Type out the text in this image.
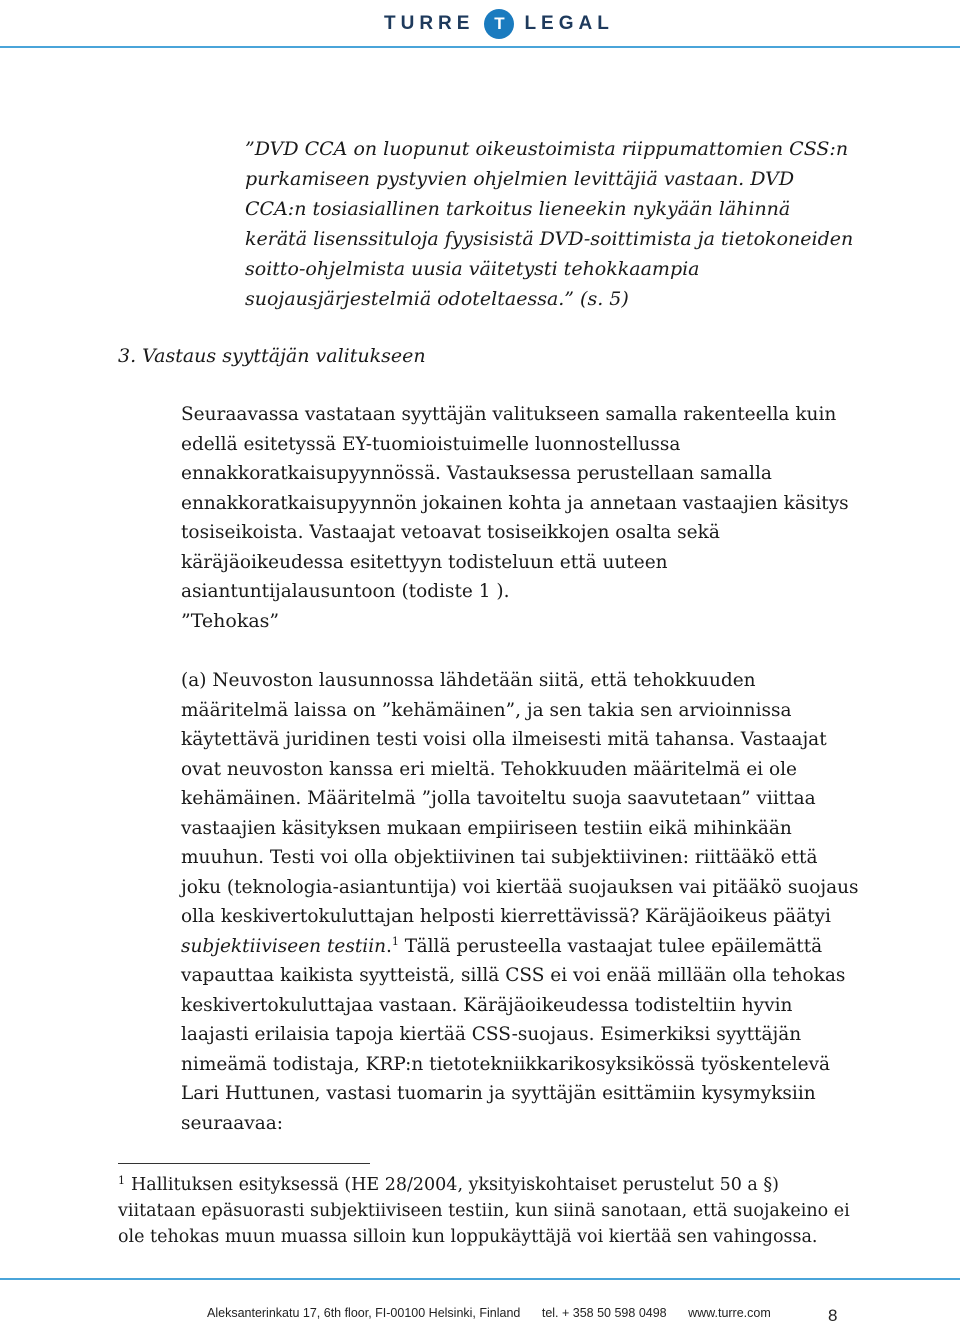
TURRE	T	LEGAL

”DVD CCA on luopunut oikeustoimista riippumattomien CSS:n purkamiseen pystyvien ohjelmien levittäjiä vastaan. DVD CCA:n tosiasiallinen tarkoitus lieneekin nykyään lähinnä kerätä lisenssituloja fyysisistä DVD-soittimista ja tietokoneiden soitto-ohjelmista uusia väitetysti tehokkaampia suojausjärjestelmiä odoteltaessa.” (s. 5)

3. Vastaus syyttäjän valitukseen

Seuraavassa vastataan syyttäjän valitukseen samalla rakenteella kuin edellä esitetyssä EY-tuomioistuimelle luonnostellussa ennakkoratkaisupyynnössä. Vastauksessa perustellaan samalla ennakkoratkaisupyynnön jokainen kohta ja annetaan vastaajien käsitys tosiseikoista. Vastaajat vetoavat tosiseikkojen osalta sekä käräjäoikeudessa esitettyyn todisteluun että uuteen asiantuntijalausuntoon (todiste 1 ).

”Tehokas”

(a) Neuvoston lausunnossa lähdetään siitä, että tehokkuuden määritelmä laissa on ”kehämäinen”, ja sen takia sen arvioinnissa käytettävä juridinen testi voisi olla ilmeisesti mitä tahansa. Vastaajat ovat neuvoston kanssa eri mieltä. Tehokkuuden määritelmä ei ole kehämäinen. Määritelmä ”jolla tavoiteltu suoja saavutetaan” viittaa vastaajien käsityksen mukaan empiiriseen testiin eikä mihinkään muuhun. Testi voi olla objektiivinen tai subjektiivinen: riittääkö että joku (teknologia-asiantuntija) voi kiertää suojauksen vai pitääkö suojaus olla keskivertokuluttajan helposti kierrettävissä? Käräjäoikeus päätyi subjektiiviseen testiin.$^1$ Tällä perusteella vastaajat tulee epäilemättä vapauttaa kaikista syytteistä, sillä CSS ei voi enää millään olla tehokas keskivertokuluttajaa vastaan. Käräjäoikeudessa todisteltiin hyvin laajasti erilaisia tapoja kiertää CSS-suojaus. Esimerkiksi syyttäjän nimeämä todistaja, KRP:n tietotekniikkarikosyksikössä työskentelevä Lari Huttunen, vastasi tuomarin ja syyttäjän esittämiin kysymyksiin seuraavaa:

$^1$ Hallituksen esityksessä (HE 28/2004, yksityiskohtaiset perustelut 50 a §) viitataan epäsuorasti subjektiiviseen testiin, kun siinä sanotaan, että suojakeino ei ole tehokas muun muassa silloin kun loppukäyttäjä voi kiertää sen vahingossa.

Aleksanterinkatu 17, 6th floor, FI-00100 Helsinki, Finland tel. + 358 50 598 0498 www.turre.com	8
